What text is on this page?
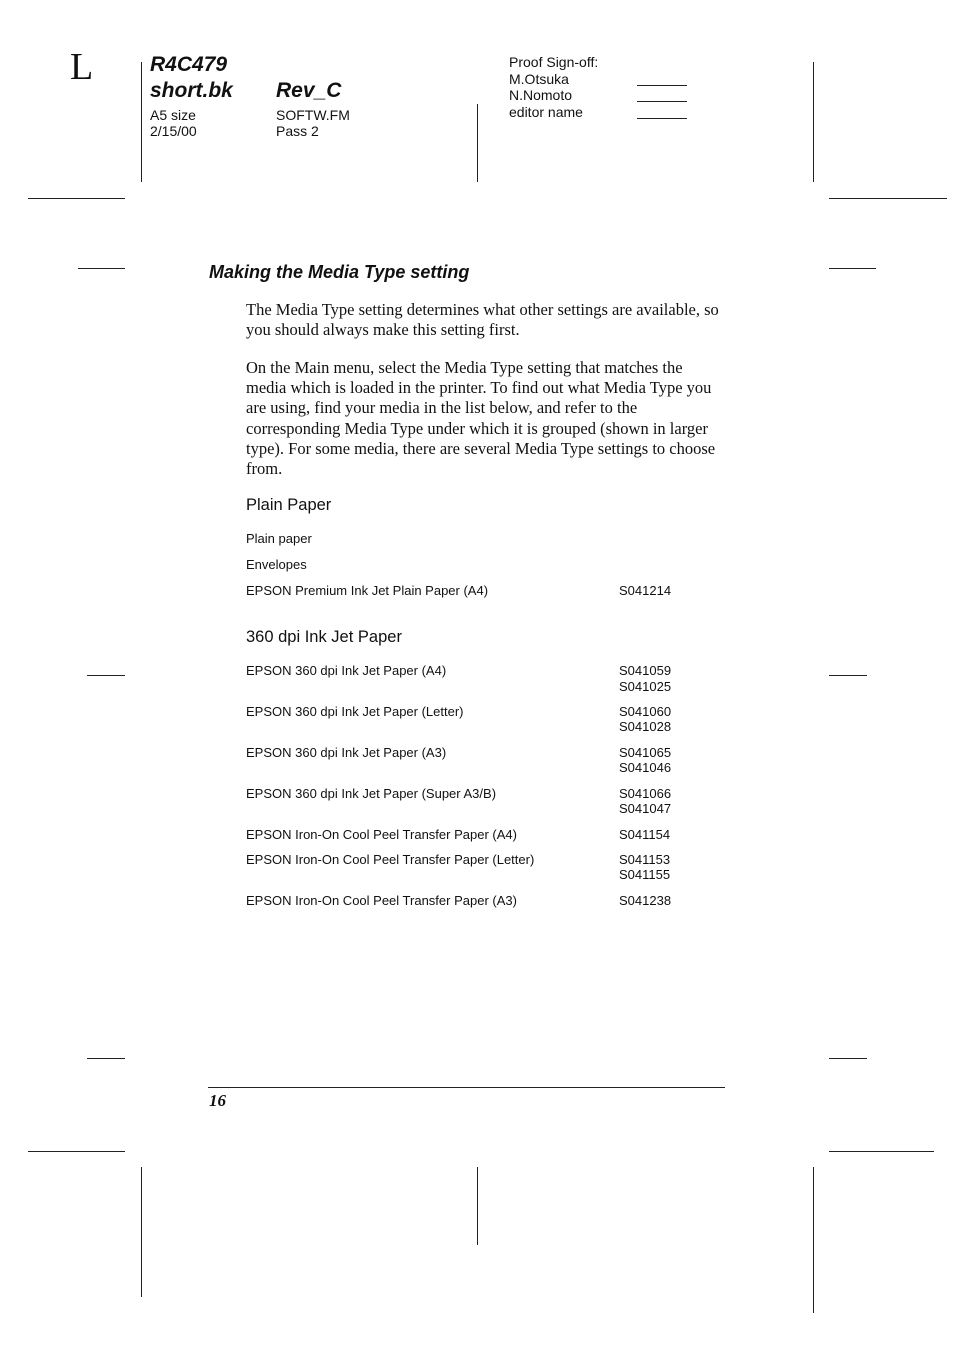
L	R4C479
short.bk Rev_C
A5 size
2/15/00
SOFTW.FM
Pass 2
Proof Sign-off:
M.Otsuka
N.Nomoto
editor name
Making the Media Type setting

The Media Type setting determines what other settings are available, so you should always make this setting first.

On the Main menu, select the Media Type setting that matches the media which is loaded in the printer. To find out what Media Type you are using, find your media in the list below, and refer to the corresponding Media Type under which it is grouped (shown in larger type). For some media, there are several Media Type settings to choose from.

Plain Paper
Plain paper
Envelopes
EPSON Premium Ink Jet Plain Paper (A4)	S041214
360 dpi Ink Jet Paper
EPSON 360 dpi Ink Jet Paper (A4)	S041059
S041025
EPSON 360 dpi Ink Jet Paper (Letter)	S041060
S041028
EPSON 360 dpi Ink Jet Paper (A3)	S041065
S041046
EPSON 360 dpi Ink Jet Paper (Super A3/B)	S041066
S041047
EPSON Iron-On Cool Peel Transfer Paper (A4)	S041154
EPSON Iron-On Cool Peel Transfer Paper (Letter)	S041153
S041155
EPSON Iron-On Cool Peel Transfer Paper (A3)	S041238
16
